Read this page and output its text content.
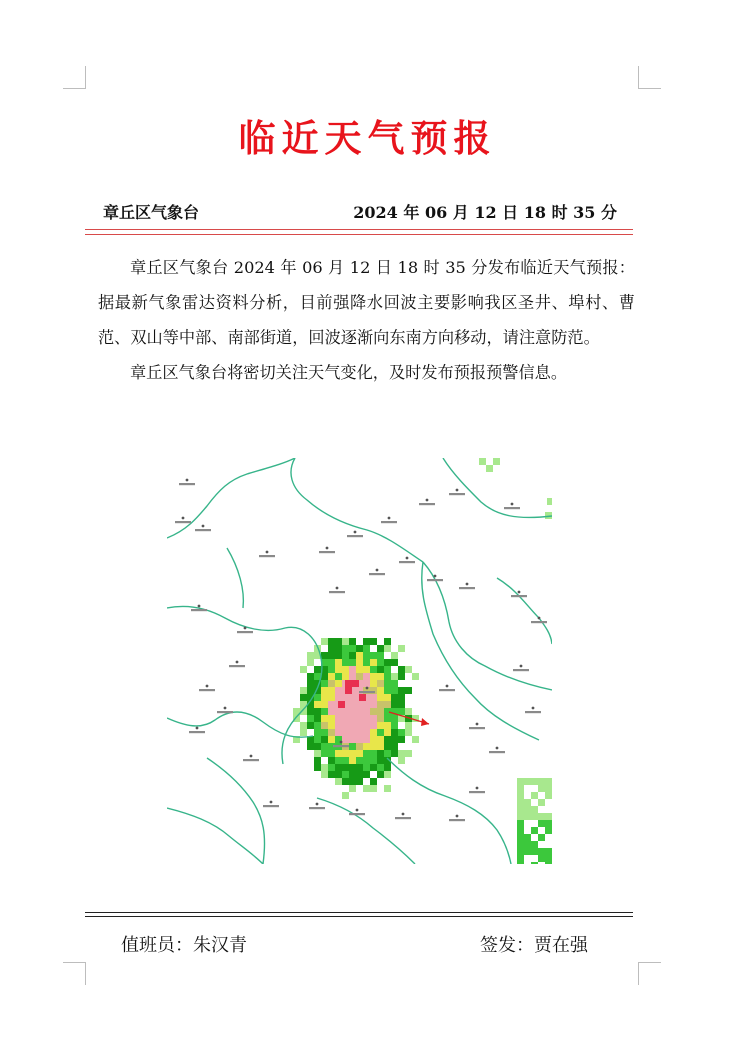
临近天气预报
章丘区气象台	2024 年 06 月 12 日 18 时 35 分

章丘区气象台 2024 年 06 月 12 日 18 时 35 分发布临近天气预报：据最新气象雷达资料分析，目前强降水回波主要影响我区圣井、埠村、曹范、双山等中部、南部街道，回波逐渐向东南方向移动，请注意防范。

章丘区气象台将密切关注天气变化，及时发布预报预警信息。

值班员：朱汉青	签发：贾在强
